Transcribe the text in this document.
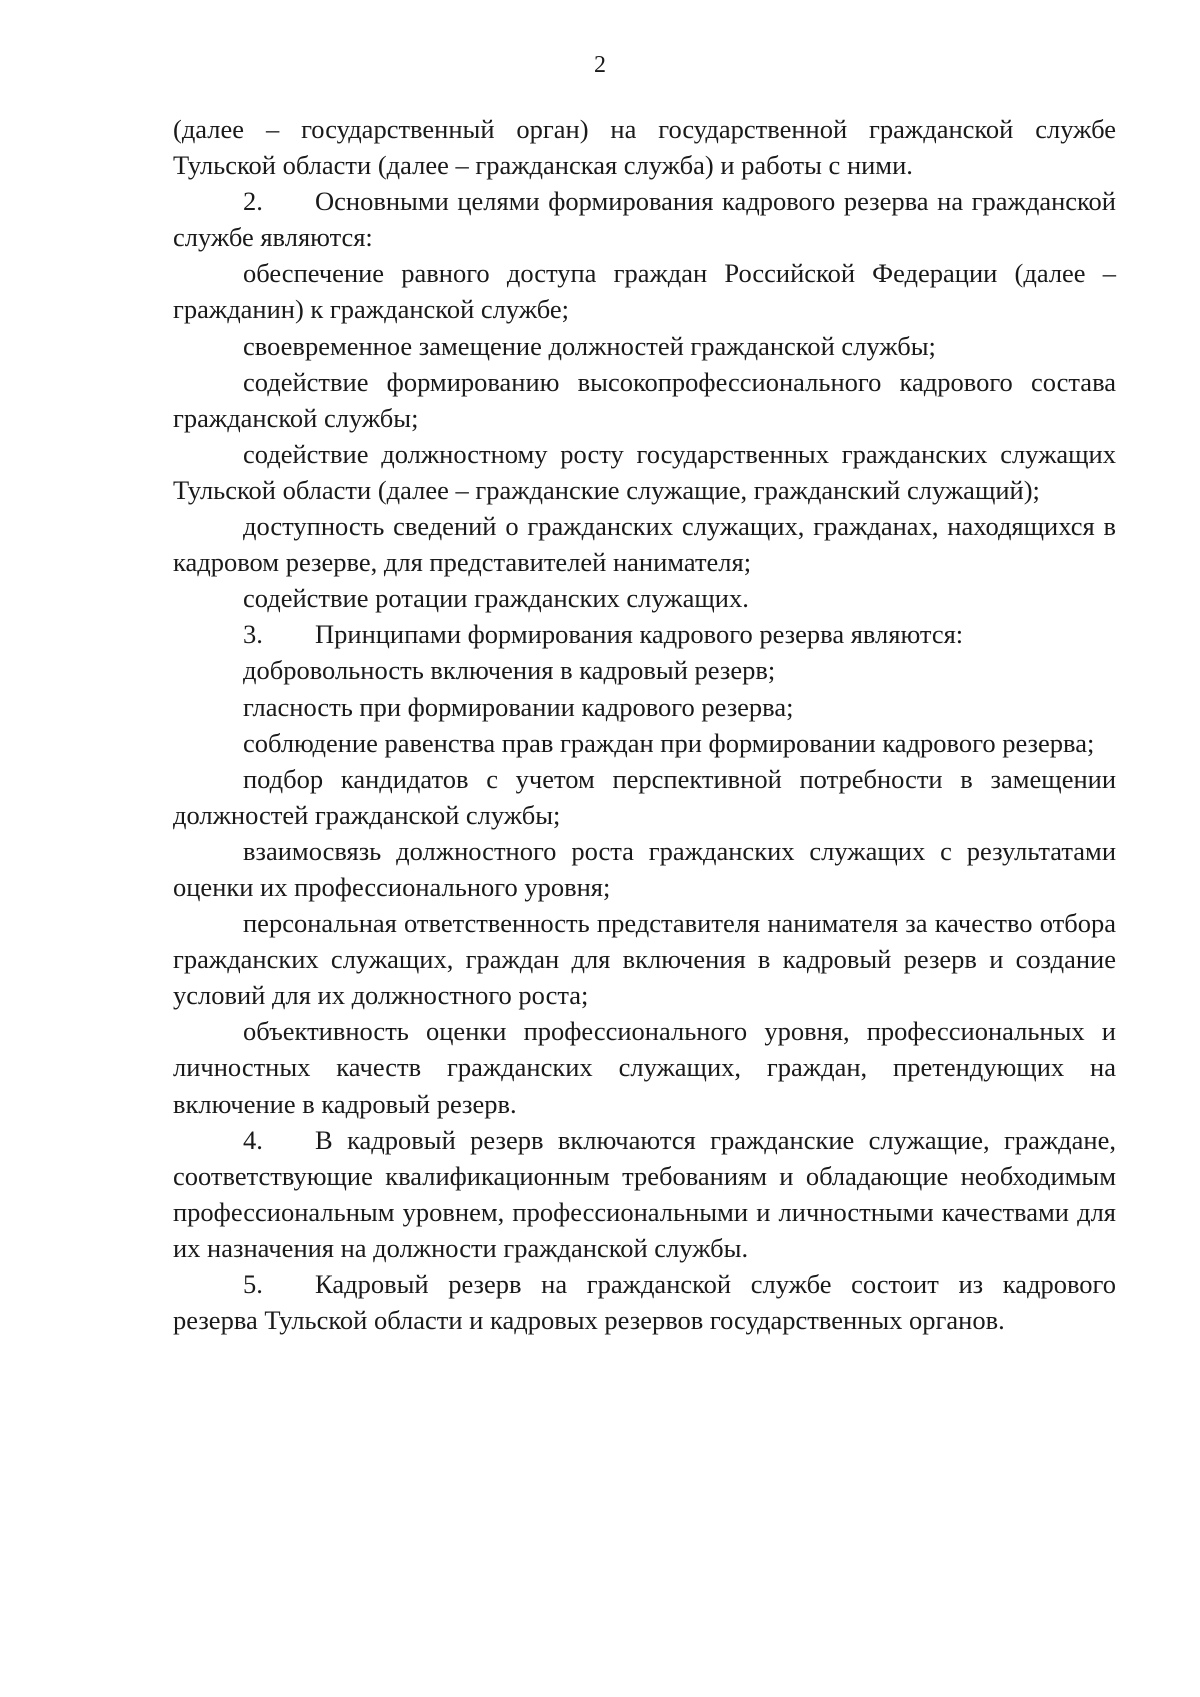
2

(далее – государственный орган) на государственной гражданской службе Тульской области (далее – гражданская служба) и работы с ними.

2. Основными целями формирования кадрового резерва на гражданской службе являются:

обеспечение равного доступа граждан Российской Федерации (далее – гражданин) к гражданской службе;

своевременное замещение должностей гражданской службы;

содействие формированию высокопрофессионального кадрового состава гражданской службы;

содействие должностному росту государственных гражданских служащих Тульской области (далее – гражданские служащие, гражданский служащий);

доступность сведений о гражданских служащих, гражданах, находящихся в кадровом резерве, для представителей нанимателя;

содействие ротации гражданских служащих.

3. Принципами формирования кадрового резерва являются:

добровольность включения в кадровый резерв;

гласность при формировании кадрового резерва;

соблюдение равенства прав граждан при формировании кадрового резерва;

подбор кандидатов с учетом перспективной потребности в замещении должностей гражданской службы;

взаимосвязь должностного роста гражданских служащих с результатами оценки их профессионального уровня;

персональная ответственность представителя нанимателя за качество отбора гражданских служащих, граждан для включения в кадровый резерв и создание условий для их должностного роста;

объективность оценки профессионального уровня, профессиональных и личностных качеств гражданских служащих, граждан, претендующих на включение в кадровый резерв.

4. В кадровый резерв включаются гражданские служащие, граждане, соответствующие квалификационным требованиям и обладающие необходимым профессиональным уровнем, профессиональными и личностными качествами для их назначения на должности гражданской службы.

5. Кадровый резерв на гражданской службе состоит из кадрового резерва Тульской области и кадровых резервов государственных органов.
